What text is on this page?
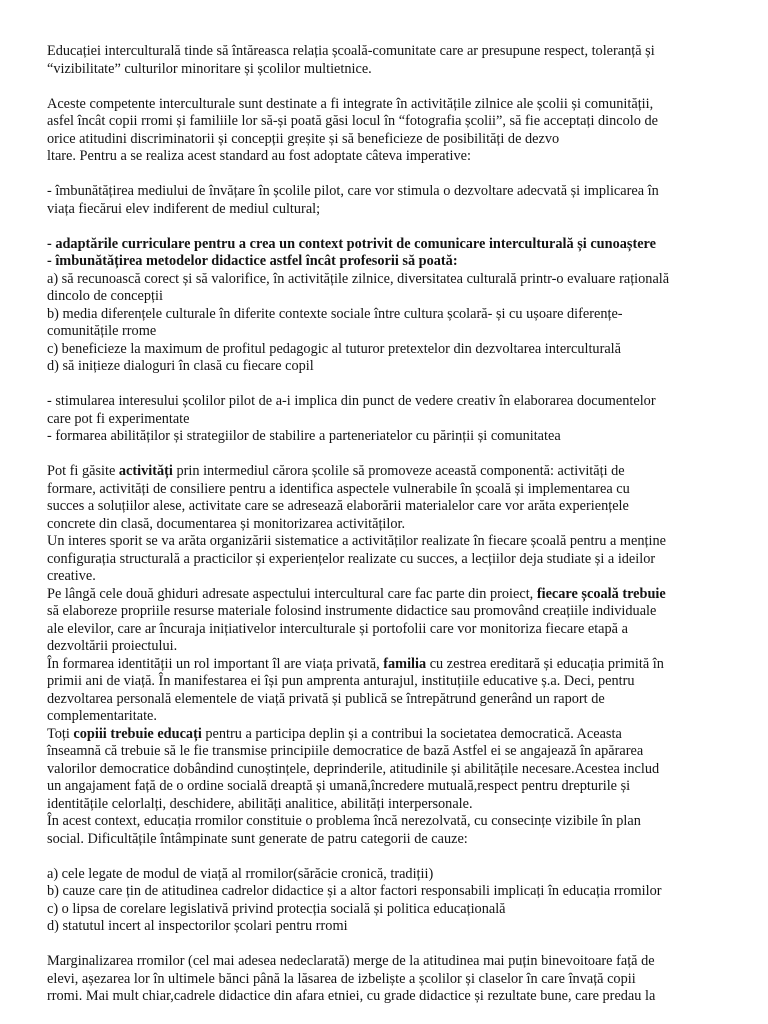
Educației interculturală tinde să întăreasca relația școală-comunitate care ar presupune respect, toleranță și
“vizibilitate” culturilor minoritare și școlilor multietnice.
Aceste competente interculturale sunt destinate a fi integrate în activitățile zilnice ale școlii și comunității,
asfel încât copii rromi și familiile lor să-și poată găsi locul în “fotografia școlii”, să fie acceptați dincolo de
orice atitudini discriminatorii și concepții greșite și să beneficieze de posibilități de dezvo
ltare. Pentru a se realiza acest standard au fost adoptate câteva imperative:
- îmbunătățirea mediului de învățare în școlile pilot, care vor stimula o dezvoltare adecvată și implicarea în
viața fiecărui elev indiferent de mediul cultural;
- adaptările curriculare pentru a crea un context potrivit de comunicare interculturală și cunoaștere
- îmbunătățirea metodelor didactice astfel încât profesorii să poată:
a) să recunoască corect și să valorifice, în activitățile zilnice, diversitatea culturală printr-o evaluare rațională
dincolo de concepții
b) media diferențele culturale în diferite contexte sociale între cultura școlară- și cu ușoare diferențe-
comunitățile rrome
c) beneficieze la maximum de profitul pedagogic al tuturor pretextelor din dezvoltarea interculturală
d) să inițieze dialoguri în clasă cu fiecare copil
- stimularea interesului școlilor pilot de a-i implica din punct de vedere creativ în elaborarea documentelor
care pot fi experimentate
- formarea abilităților și strategiilor de stabilire a parteneriatelor cu părinții și comunitatea
Pot fi găsite activități prin intermediul cărora școlile să promoveze această componentă: activități de
formare, activități de consiliere pentru a identifica aspectele vulnerabile în școală și implementarea cu
succes a soluțiilor alese, activitate care se adresează elaborării materialelor care vor arăta experiențele
concrete din clasă, documentarea și monitorizarea activităților.
Un interes sporit se va arăta organizării sistematice a activităților realizate în fiecare școală pentru a menține
configurația structurală a practicilor și experiențelor realizate cu succes, a lecțiilor deja studiate și a ideilor
creative.
Pe lângă cele două ghiduri adresate aspectului intercultural care fac parte din proiect, fiecare școală trebuie
să elaboreze propriile resurse materiale folosind instrumente didactice sau promovând creațiile individuale
ale elevilor, care ar încuraja inițiativelor interculturale și portofolii care vor monitoriza fiecare etapă a
dezvoltării proiectului.
În formarea identității un rol important îl are viața privată, familia cu zestrea ereditară și educația primită în
primii ani de viață. În manifestarea ei își pun amprenta anturajul, instituțiile educative ș.a. Deci, pentru
dezvoltarea personală elementele de viață privată și publică se întrepătrund generând un raport de
complementaritate.
Toți copiii trebuie educați pentru a participa deplin și a contribui la societatea democratică. Aceasta
înseamnă că trebuie să le fie transmise principiile democratice de bază Astfel ei se angajează în apărarea
valorilor democratice dobândind cunoștințele, deprinderile, atitudinile și abilitățile necesare.Acestea includ
un angajament față de o ordine socială dreaptă și umană,încredere mutuală,respect pentru drepturile și
identitățile celorlalți, deschidere, abilități analitice, abilități interpersonale.
În acest context, educația rromilor constituie o problema încă nerezolvată, cu consecințe vizibile în plan
social. Dificultățile întâmpinate sunt generate de patru categorii de cauze:
a) cele legate de modul de viață al rromilor(sărăcie cronică, tradiții)
b) cauze care țin de atitudinea cadrelor didactice și a altor factori responsabili implicați în educația rromilor
c) o lipsa de corelare legislativă privind protecția socială și politica educațională
d) statutul incert al inspectorilor școlari pentru rromi
Marginalizarea rromilor (cel mai adesea nedeclarată) merge de la atitudinea mai puțin binevoitoare față de
elevi, așezarea lor în ultimele bănci până la lăsarea de izbeliște a școlilor și claselor în care învață copii
rromi. Mai mult chiar,cadrele didactice din afara etniei, cu grade didactice și rezultate bune, care predau la
